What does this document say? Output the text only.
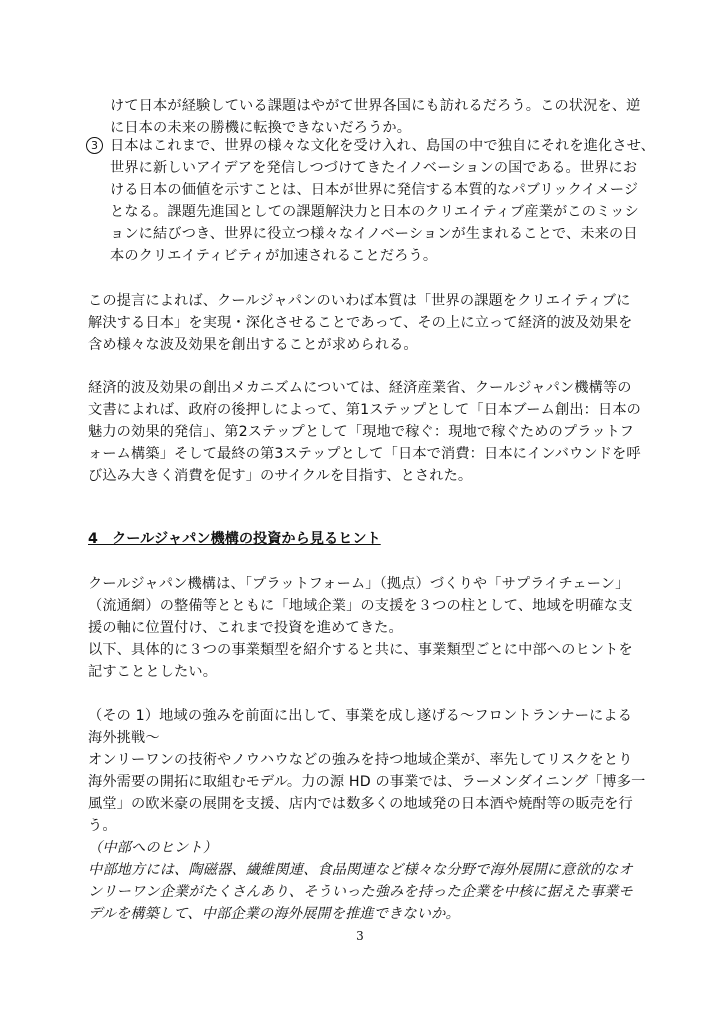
けて日本が経験している課題はやがて世界各国にも訪れるだろう。この状況を、逆
に日本の未来の勝機に転換できないだろうか。
3 日本はこれまで、世界の様々な文化を受け入れ、島国の中で独自にそれを進化させ、
世界に新しいアイデアを発信しつづけてきたイノベーションの国である。世界にお
ける日本の価値を示すことは、日本が世界に発信する本質的なパブリックイメージ
となる。課題先進国としての課題解決力と日本のクリエイティブ産業がこのミッシ
ョンに結びつき、世界に役立つ様々なイノベーションが生まれることで、未来の日
本のクリエイティビティが加速されることだろう。
この提言によれば、クールジャパンのいわば本質は「世界の課題をクリエイティブに
解決する日本」を実現・深化させることであって、その上に立って経済的波及効果を
含め様々な波及効果を創出することが求められる。
経済的波及効果の創出メカニズムについては、経済産業省、クールジャパン機構等の
文書によれば、政府の後押しによって、第1ステップとして「日本ブーム創出：日本の
魅力の効果的発信」、第2ステップとして「現地で稼ぐ：現地で稼ぐためのプラットフ
ォーム構築」そして最終の第3ステップとして「日本で消費：日本にインバウンドを呼
び込み大きく消費を促す」のサイクルを目指す、とされた。
4　クールジャパン機構の投資から見るヒント
クールジャパン機構は、「プラットフォーム」（拠点）づくりや「サプライチェーン」
（流通網）の整備等とともに「地域企業」の支援を３つの柱として、地域を明確な支
援の軸に位置付け、これまで投資を進めてきた。
以下、具体的に３つの事業類型を紹介すると共に、事業類型ごとに中部へのヒントを
記すこととしたい。
（その 1）地域の強みを前面に出して、事業を成し遂げる～フロントランナーによる
海外挑戦～
オンリーワンの技術やノウハウなどの強みを持つ地域企業が、率先してリスクをとり
海外需要の開拓に取組むモデル。力の源 HD の事業では、ラーメンダイニング「博多一
風堂」の欧米豪の展開を支援、店内では数多くの地域発の日本酒や焼酎等の販売を行
う。
（中部へのヒント）
中部地方には、陶磁器、繊維関連、食品関連など様々な分野で海外展開に意欲的なオ
ンリーワン企業がたくさんあり、そういった強みを持った企業を中核に据えた事業モ
デルを構築して、中部企業の海外展開を推進できないか。
3
